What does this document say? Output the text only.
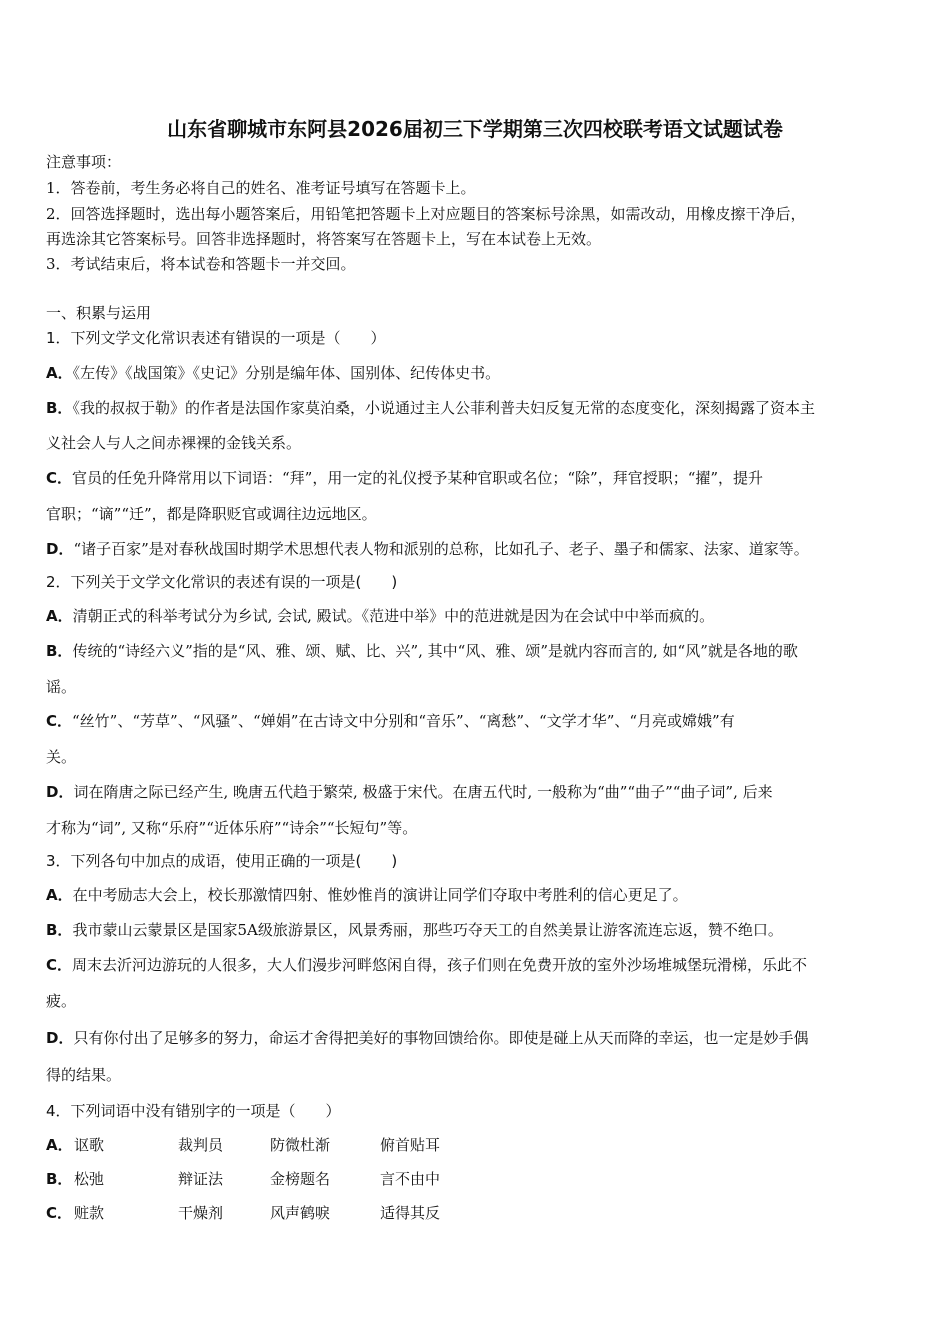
山东省聊城市东阿县2026届初三下学期第三次四校联考语文试题试卷
注意事项：
1．答卷前，考生务必将自己的姓名、准考证号填写在答题卡上。
2．回答选择题时，选出每小题答案后，用铅笔把答题卡上对应题目的答案标号涂黑，如需改动，用橡皮擦干净后，
再选涂其它答案标号。回答非选择题时，将答案写在答题卡上，写在本试卷上无效。
3．考试结束后，将本试卷和答题卡一并交回。
一、积累与运用
1．下列文学文化常识表述有错误的一项是（　　）
A．《左传》《战国策》《史记》分别是编年体、国别体、纪传体史书。
B．《我的叔叔于勒》的作者是法国作家莫泊桑，小说通过主人公菲利普夫妇反复无常的态度变化，深刻揭露了资本主
义社会人与人之间赤裸裸的金钱关系。
C．官员的任免升降常用以下词语：“拜”，用一定的礼仪授予某种官职或名位；“除”，拜官授职；“擢”，提升
官职；“谪”“迁”，都是降职贬官或调往边远地区。
D．“诸子百家”是对春秋战国时期学术思想代表人物和派别的总称，比如孔子、老子、墨子和儒家、法家、道家等。
2．下列关于文学文化常识的表述有误的一项是(　　)
A．清朝正式的科举考试分为乡试, 会试, 殿试。《范进中举》中的范进就是因为在会试中中举而疯的。
B．传统的“诗经六义”指的是“风、雅、颂、赋、比、兴”, 其中“风、雅、颂”是就内容而言的, 如“风”就是各地的歌
谣。
C．“丝竹”、“芳草”、“风骚”、“婵娟”在古诗文中分别和“音乐”、“离愁”、“文学才华”、“月亮或嫦娥”有
关。
D．词在隋唐之际已经产生, 晚唐五代趋于繁荣, 极盛于宋代。在唐五代时, 一般称为“曲”“曲子”“曲子词”, 后来
才称为“词”, 又称“乐府”“近体乐府”“诗余”“长短句”等。
3．下列各句中加点的成语，使用正确的一项是(　　)
A．在中考励志大会上，校长那激情四射、惟妙惟肖的演讲让同学们夺取中考胜利的信心更足了。
B．我市蒙山云蒙景区是国家5A级旅游景区，风景秀丽，那些巧夺天工的自然美景让游客流连忘返，赞不绝口。
C．周末去沂河边游玩的人很多，大人们漫步河畔悠闲自得，孩子们则在免费开放的室外沙场堆城堡玩滑梯，乐此不
疲。
D．只有你付出了足够多的努力，命运才舍得把美好的事物回馈给你。即使是碰上从天而降的幸运，也一定是妙手偶
得的结果。
4．下列词语中没有错别字的一项是（　　）
A．讴歌	裁判员	防微杜渐	俯首贴耳
B． 松弛	辩证法	金榜题名	言不由中
C． 赃款	干燥剂	风声鹤唳	适得其反
